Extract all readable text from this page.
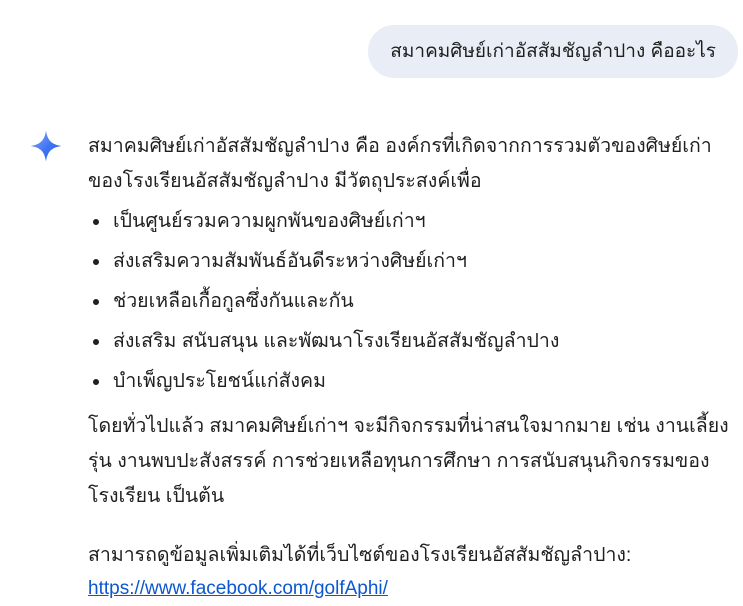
สมาคมศิษย์เก่าอัสสัมชัญลำปาง คืออะไร

สมาคมศิษย์เก่าอัสสัมชัญลำปาง คือ องค์กรที่เกิดจากการรวมตัวของศิษย์เก่าของโรงเรียนอัสสัมชัญลำปาง มีวัตถุประสงค์เพื่อ

• เป็นศูนย์รวมความผูกพันของศิษย์เก่าฯ
• ส่งเสริมความสัมพันธ์อันดีระหว่างศิษย์เก่าฯ
• ช่วยเหลือเกื้อกูลซึ่งกันและกัน
• ส่งเสริม สนับสนุน และพัฒนาโรงเรียนอัสสัมชัญลำปาง
• บำเพ็ญประโยชน์แก่สังคม

โดยทั่วไปแล้ว สมาคมศิษย์เก่าฯ จะมีกิจกรรมที่น่าสนใจมากมาย เช่น งานเลี้ยงรุ่น งานพบปะสังสรรค์ การช่วยเหลือทุนการศึกษา การสนับสนุนกิจกรรมของโรงเรียน เป็นต้น

สามารถดูข้อมูลเพิ่มเติมได้ที่เว็บไซต์ของโรงเรียนอัสสัมชัญลำปาง:
https://www.facebook.com/golfAphi/
